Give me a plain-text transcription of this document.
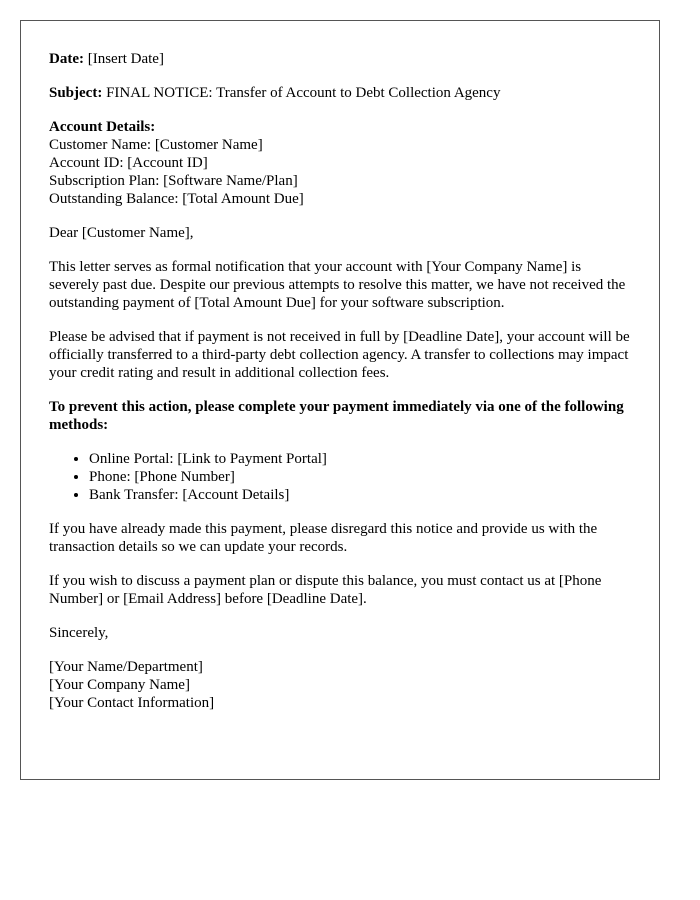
Date: [Insert Date]

Subject: FINAL NOTICE: Transfer of Account to Debt Collection Agency

Account Details:
Customer Name: [Customer Name]
Account ID: [Account ID]
Subscription Plan: [Software Name/Plan]
Outstanding Balance: [Total Amount Due]

Dear [Customer Name],

This letter serves as formal notification that your account with [Your Company Name] is severely past due. Despite our previous attempts to resolve this matter, we have not received the outstanding payment of [Total Amount Due] for your software subscription.

Please be advised that if payment is not received in full by [Deadline Date], your account will be officially transferred to a third-party debt collection agency. A transfer to collections may impact your credit rating and result in additional collection fees.

To prevent this action, please complete your payment immediately via one of the following methods:

• Online Portal: [Link to Payment Portal]
• Phone: [Phone Number]
• Bank Transfer: [Account Details]

If you have already made this payment, please disregard this notice and provide us with the transaction details so we can update your records.

If you wish to discuss a payment plan or dispute this balance, you must contact us at [Phone Number] or [Email Address] before [Deadline Date].

Sincerely,

[Your Name/Department]
[Your Company Name]
[Your Contact Information]
